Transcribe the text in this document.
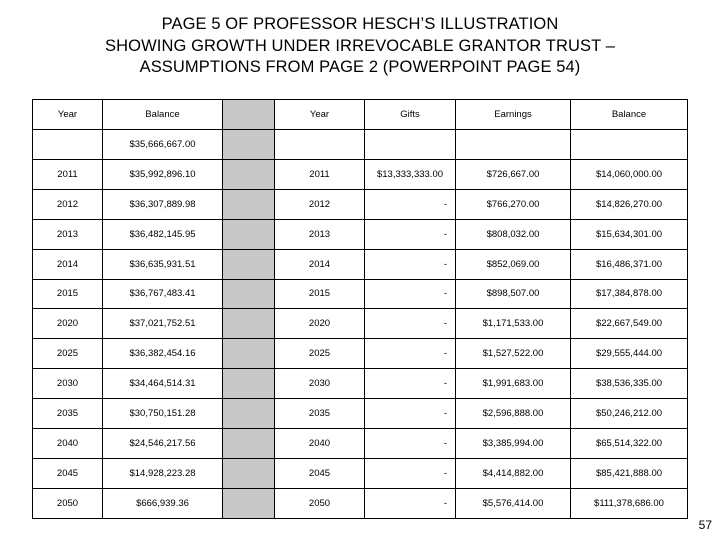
PAGE 5 OF PROFESSOR HESCH’S ILLUSTRATION
SHOWING GROWTH UNDER IRREVOCABLE GRANTOR TRUST –
ASSUMPTIONS FROM PAGE 2 (POWERPOINT PAGE 54)
Year	Balance		Year	Gifts	Earnings	Balance
	$35,666,667.00					
2011	$35,992,896.10		2011	$13,333,333.00	$726,667.00	$14,060,000.00
2012	$36,307,889.98		2012	-	$766,270.00	$14,826,270.00
2013	$36,482,145.95		2013	-	$808,032.00	$15,634,301.00
2014	$36,635,931.51		2014	-	$852,069.00	$16,486,371.00
2015	$36,767,483.41		2015	-	$898,507.00	$17,384,878.00
2020	$37,021,752.51		2020	-	$1,171,533.00	$22,667,549.00
2025	$36,382,454.16		2025	-	$1,527,522.00	$29,555,444.00
2030	$34,464,514.31		2030	-	$1,991,683.00	$38,536,335.00
2035	$30,750,151.28		2035	-	$2,596,888.00	$50,246,212.00
2040	$24,546,217.56		2040	-	$3,385,994.00	$65,514,322.00
2045	$14,928,223.28		2045	-	$4,414,882.00	$85,421,888.00
2050	$666,939.36		2050	-	$5,576,414.00	$111,378,686.00
57
